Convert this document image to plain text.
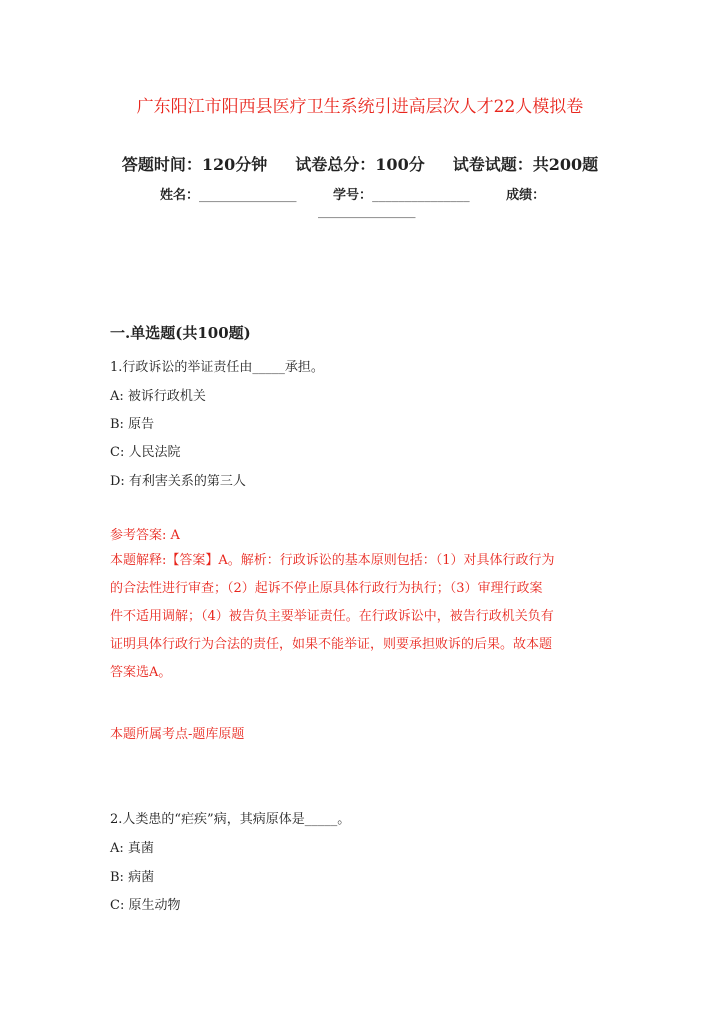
广东阳江市阳西县医疗卫生系统引进高层次人才22人模拟卷
答题时间：120分钟 试卷总分：100分 试卷试题：共200题
姓名：_______________	学号：_______________	成绩：
_______________
一.单选题(共100题)
1.行政诉讼的举证责任由_____承担。
A: 被诉行政机关
B: 原告
C: 人民法院
D: 有利害关系的第三人
参考答案: A
本题解释:【答案】A。解析：行政诉讼的基本原则包括：（1）对具体行政行为
的合法性进行审查；（2）起诉不停止原具体行政行为执行；（3）审理行政案
件不适用调解；（4）被告负主要举证责任。在行政诉讼中，被告行政机关负有
证明具体行政行为合法的责任，如果不能举证，则要承担败诉的后果。故本题
答案选A。
本题所属考点-题库原题
2.人类患的“疟疾”病，其病原体是_____。
A: 真菌
B: 病菌
C: 原生动物
